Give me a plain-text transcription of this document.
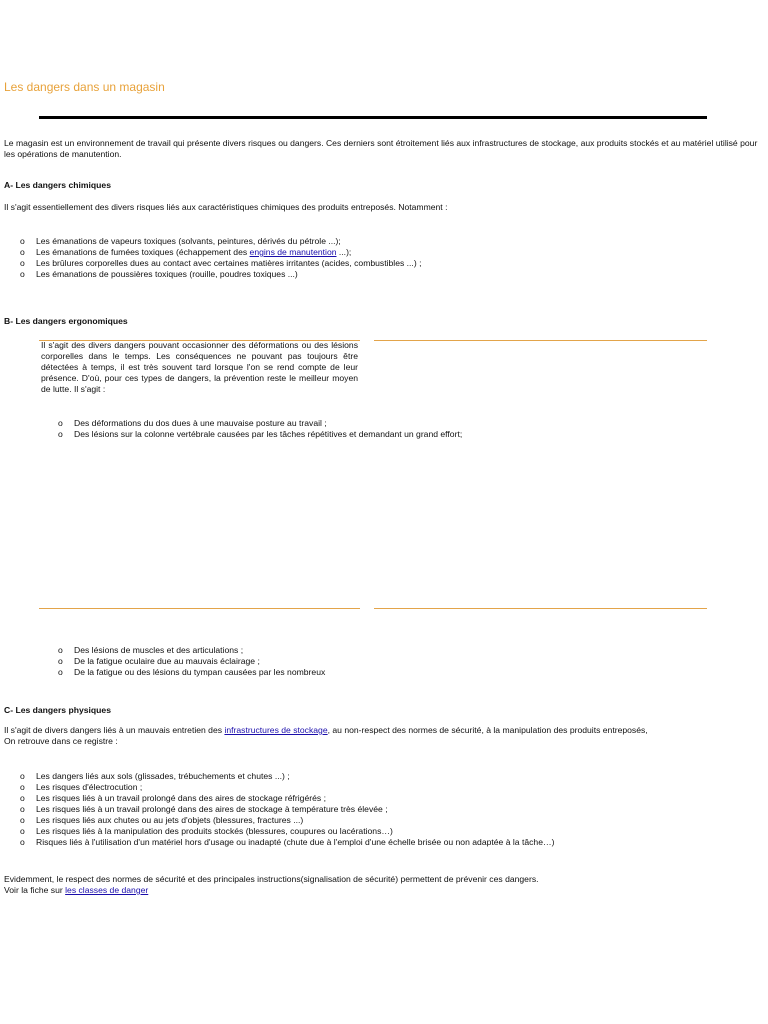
Les dangers dans un magasin
Le magasin est un environnement de travail qui présente divers risques ou dangers. Ces derniers sont étroitement liés aux infrastructures de stockage, aux produits stockés et au matériel utilisé pour les opérations de manutention.
A- Les dangers chimiques
Il s'agit essentiellement des divers risques liés aux caractéristiques chimiques des produits entreposés. Notamment :
o Les émanations de vapeurs toxiques (solvants, peintures, dérivés du pétrole ...);
o Les émanations de fumées toxiques (échappement des engins de manutention ...);
o Les brûlures corporelles dues au contact avec certaines matières irritantes (acides, combustibles ...) ;
o Les émanations de poussières toxiques (rouille, poudres toxiques ...)
B- Les dangers ergonomiques
Il s'agit des divers dangers pouvant occasionner des déformations ou des lésions corporelles dans le temps. Les conséquences ne pouvant pas toujours être détectées à temps, il est très souvent tard lorsque l'on se rend compte de leur présence. D'où, pour ces types de dangers, la prévention reste le meilleur moyen de lutte. Il s'agit :
o Des déformations du dos dues à une mauvaise posture au travail ;
o Des lésions sur la colonne vertébrale causées par les tâches répétitives et demandant un grand effort;
o Des lésions de muscles et des articulations ;
o De la fatigue oculaire due au mauvais éclairage ;
o De la fatigue ou des lésions du tympan causées par les nombreux
C- Les dangers physiques
Il s'agit de divers dangers liés à un mauvais entretien des infrastructures de stockage, au non-respect des normes de sécurité, à la manipulation des produits entreposés,
On retrouve dans ce registre :
o Les dangers liés aux sols (glissades, trébuchements et chutes ...) ;
o Les risques d'électrocution ;
o Les risques liés à un travail prolongé dans des aires de stockage réfrigérés ;
o Les risques liés à un travail prolongé dans des aires de stockage à température très élevée ;
o Les risques liés aux chutes ou au jets d'objets (blessures, fractures ...)
o Les risques liés à la manipulation des produits stockés (blessures, coupures ou lacérations…)
o Risques liés à l'utilisation d'un matériel hors d'usage ou inadapté (chute due à l'emploi d'une échelle brisée ou non adaptée à la tâche…)
Evidemment, le respect des normes de sécurité et des principales instructions(signalisation de sécurité) permettent de prévenir ces dangers.
Voir la fiche sur les classes de danger
